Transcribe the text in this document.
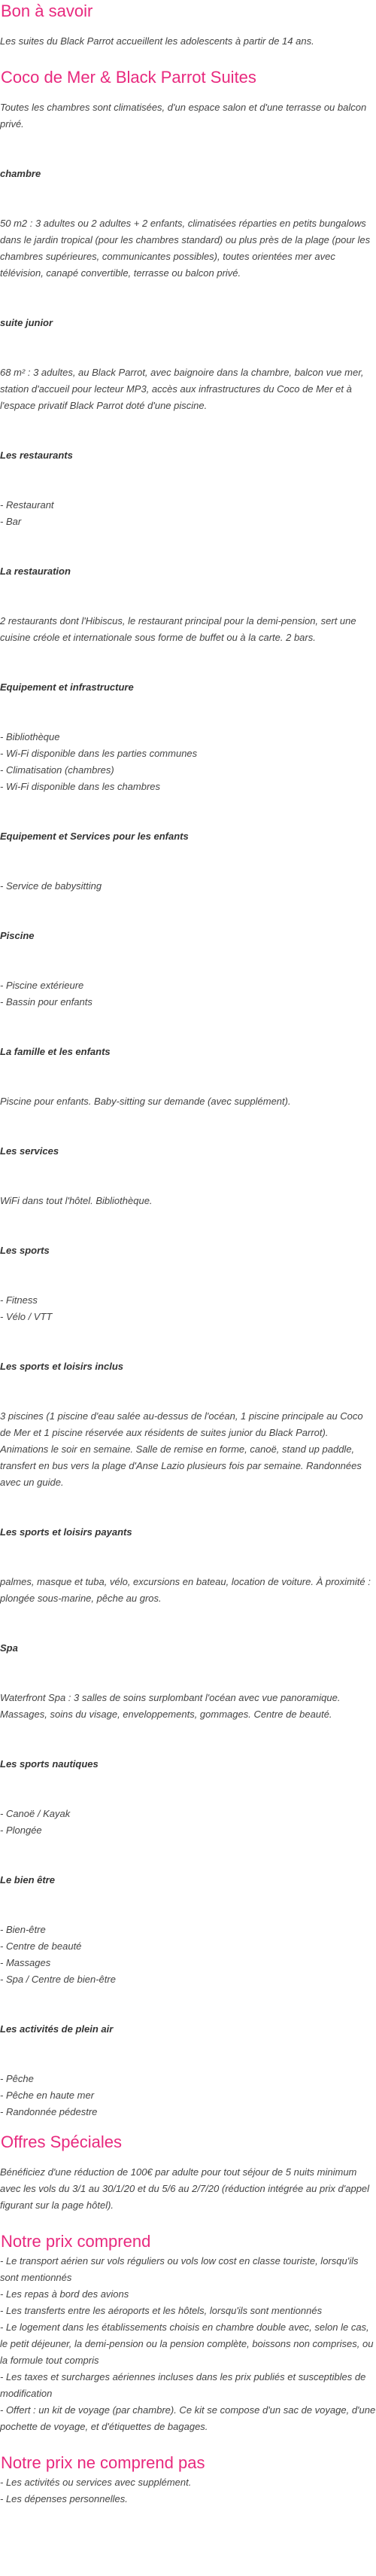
Bon à savoir

Les suites du Black Parrot accueillent les adolescents à partir de 14 ans.

Coco de Mer & Black Parrot Suites

Toutes les chambres sont climatisées, d'un espace salon et d'une terrasse ou balcon privé.

chambre

50 m2 : 3 adultes ou 2 adultes + 2 enfants, climatisées réparties en petits bungalows dans le jardin tropical (pour les chambres standard) ou plus près de la plage (pour les chambres supérieures, communicantes possibles), toutes orientées mer avec télévision, canapé convertible, terrasse ou balcon privé.

suite junior

68 m² : 3 adultes, au Black Parrot, avec baignoire dans la chambre, balcon vue mer, station d'accueil pour lecteur MP3, accès aux infrastructures du Coco de Mer et à l'espace privatif Black Parrot doté d'une piscine.

Les restaurants

- Restaurant
- Bar

La restauration

2 restaurants dont l'Hibiscus, le restaurant principal pour la demi-pension, sert une cuisine créole et internationale sous forme de buffet ou à la carte. 2 bars.

Equipement et infrastructure

- Bibliothèque
- Wi-Fi disponible dans les parties communes
- Climatisation (chambres)
- Wi-Fi disponible dans les chambres

Equipement et Services pour les enfants

- Service de babysitting

Piscine

- Piscine extérieure
- Bassin pour enfants

La famille et les enfants

Piscine pour enfants. Baby-sitting sur demande (avec supplément).

Les services

WiFi dans tout l'hôtel. Bibliothèque.

Les sports

- Fitness
- Vélo / VTT

Les sports et loisirs inclus

3 piscines (1 piscine d'eau salée au-dessus de l'océan, 1 piscine principale au Coco de Mer et 1 piscine réservée aux résidents de suites junior du Black Parrot). Animations le soir en semaine. Salle de remise en forme, canoë, stand up paddle, transfert en bus vers la plage d'Anse Lazio plusieurs fois par semaine. Randonnées avec un guide.

Les sports et loisirs payants

palmes, masque et tuba, vélo, excursions en bateau, location de voiture. À proximité : plongée sous-marine, pêche au gros.

Spa

Waterfront Spa : 3 salles de soins surplombant l'océan avec vue panoramique. Massages, soins du visage, enveloppements, gommages. Centre de beauté.

Les sports nautiques

- Canoë / Kayak
- Plongée

Le bien être

- Bien-être
- Centre de beauté
- Massages
- Spa / Centre de bien-être

Les activités de plein air

- Pêche
- Pêche en haute mer
- Randonnée pédestre
Offres Spéciales

Bénéficiez d'une réduction de 100€ par adulte pour tout séjour de 5 nuits minimum avec les vols du 3/1 au 30/1/20 et du 5/6 au 2/7/20 (réduction intégrée au prix d'appel figurant sur la page hôtel).

Notre prix comprend
- Le transport aérien sur vols réguliers ou vols low cost en classe touriste, lorsqu'ils sont mentionnés
- Les repas à bord des avions
- Les transferts entre les aéroports et les hôtels, lorsqu'ils sont mentionnés
- Le logement dans les établissements choisis en chambre double avec, selon le cas, le petit déjeuner, la demi-pension ou la pension complète, boissons non comprises, ou la formule tout compris
- Les taxes et surcharges aériennes incluses dans les prix publiés et susceptibles de modification
- Offert : un kit de voyage (par chambre). Ce kit se compose d'un sac de voyage, d'une pochette de voyage, et d'étiquettes de bagages.
Notre prix ne comprend pas
- Les activités ou services avec supplément.
- Les dépenses personnelles.
